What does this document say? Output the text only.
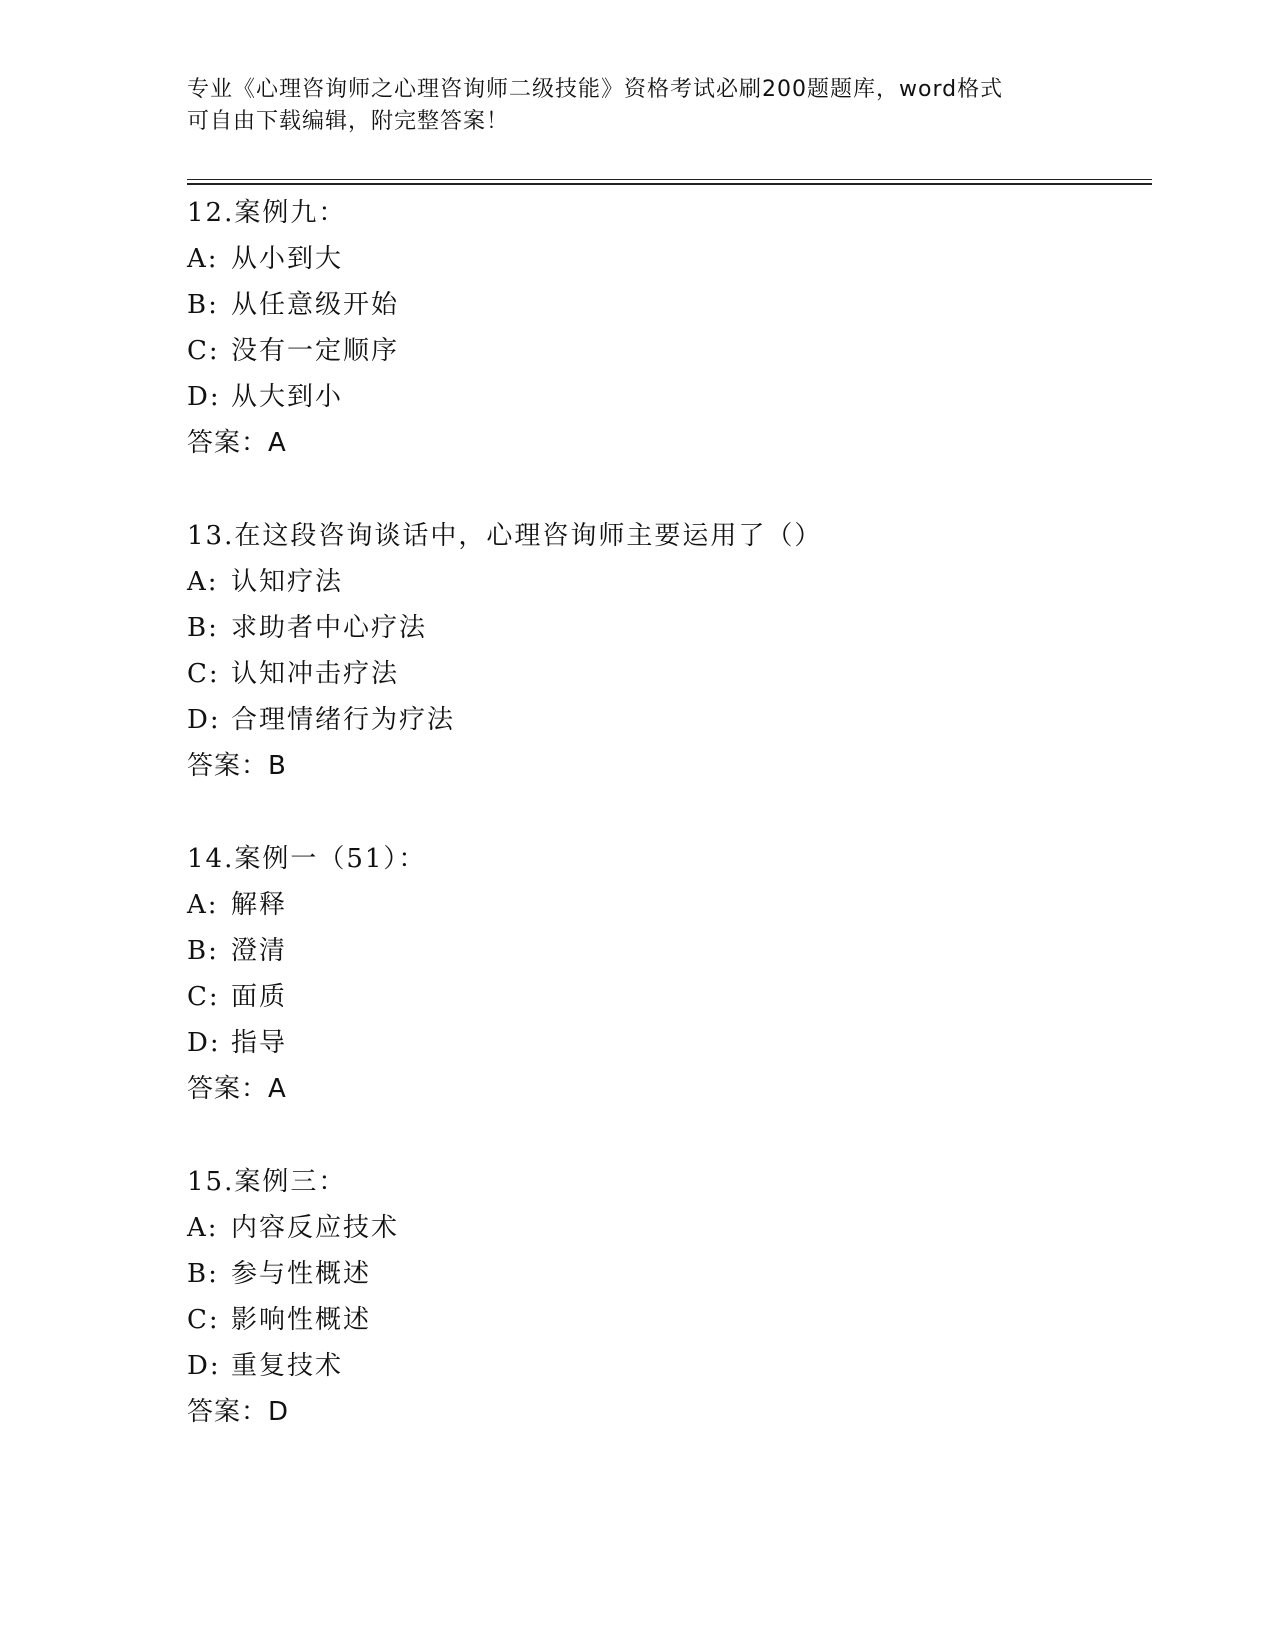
专业《心理咨询师之心理咨询师二级技能》资格考试必刷200题题库，word格式
可自由下载编辑，附完整答案！
12.案例九：
A: 从小到大
B: 从任意级开始
C: 没有一定顺序
D: 从大到小
答案：A
13.在这段咨询谈话中，心理咨询师主要运用了（）
A: 认知疗法
B: 求助者中心疗法
C: 认知冲击疗法
D: 合理情绪行为疗法
答案：B
14.案例一（51）：
A: 解释
B: 澄清
C: 面质
D: 指导
答案：A
15.案例三：
A: 内容反应技术
B: 参与性概述
C: 影响性概述
D: 重复技术
答案：D
